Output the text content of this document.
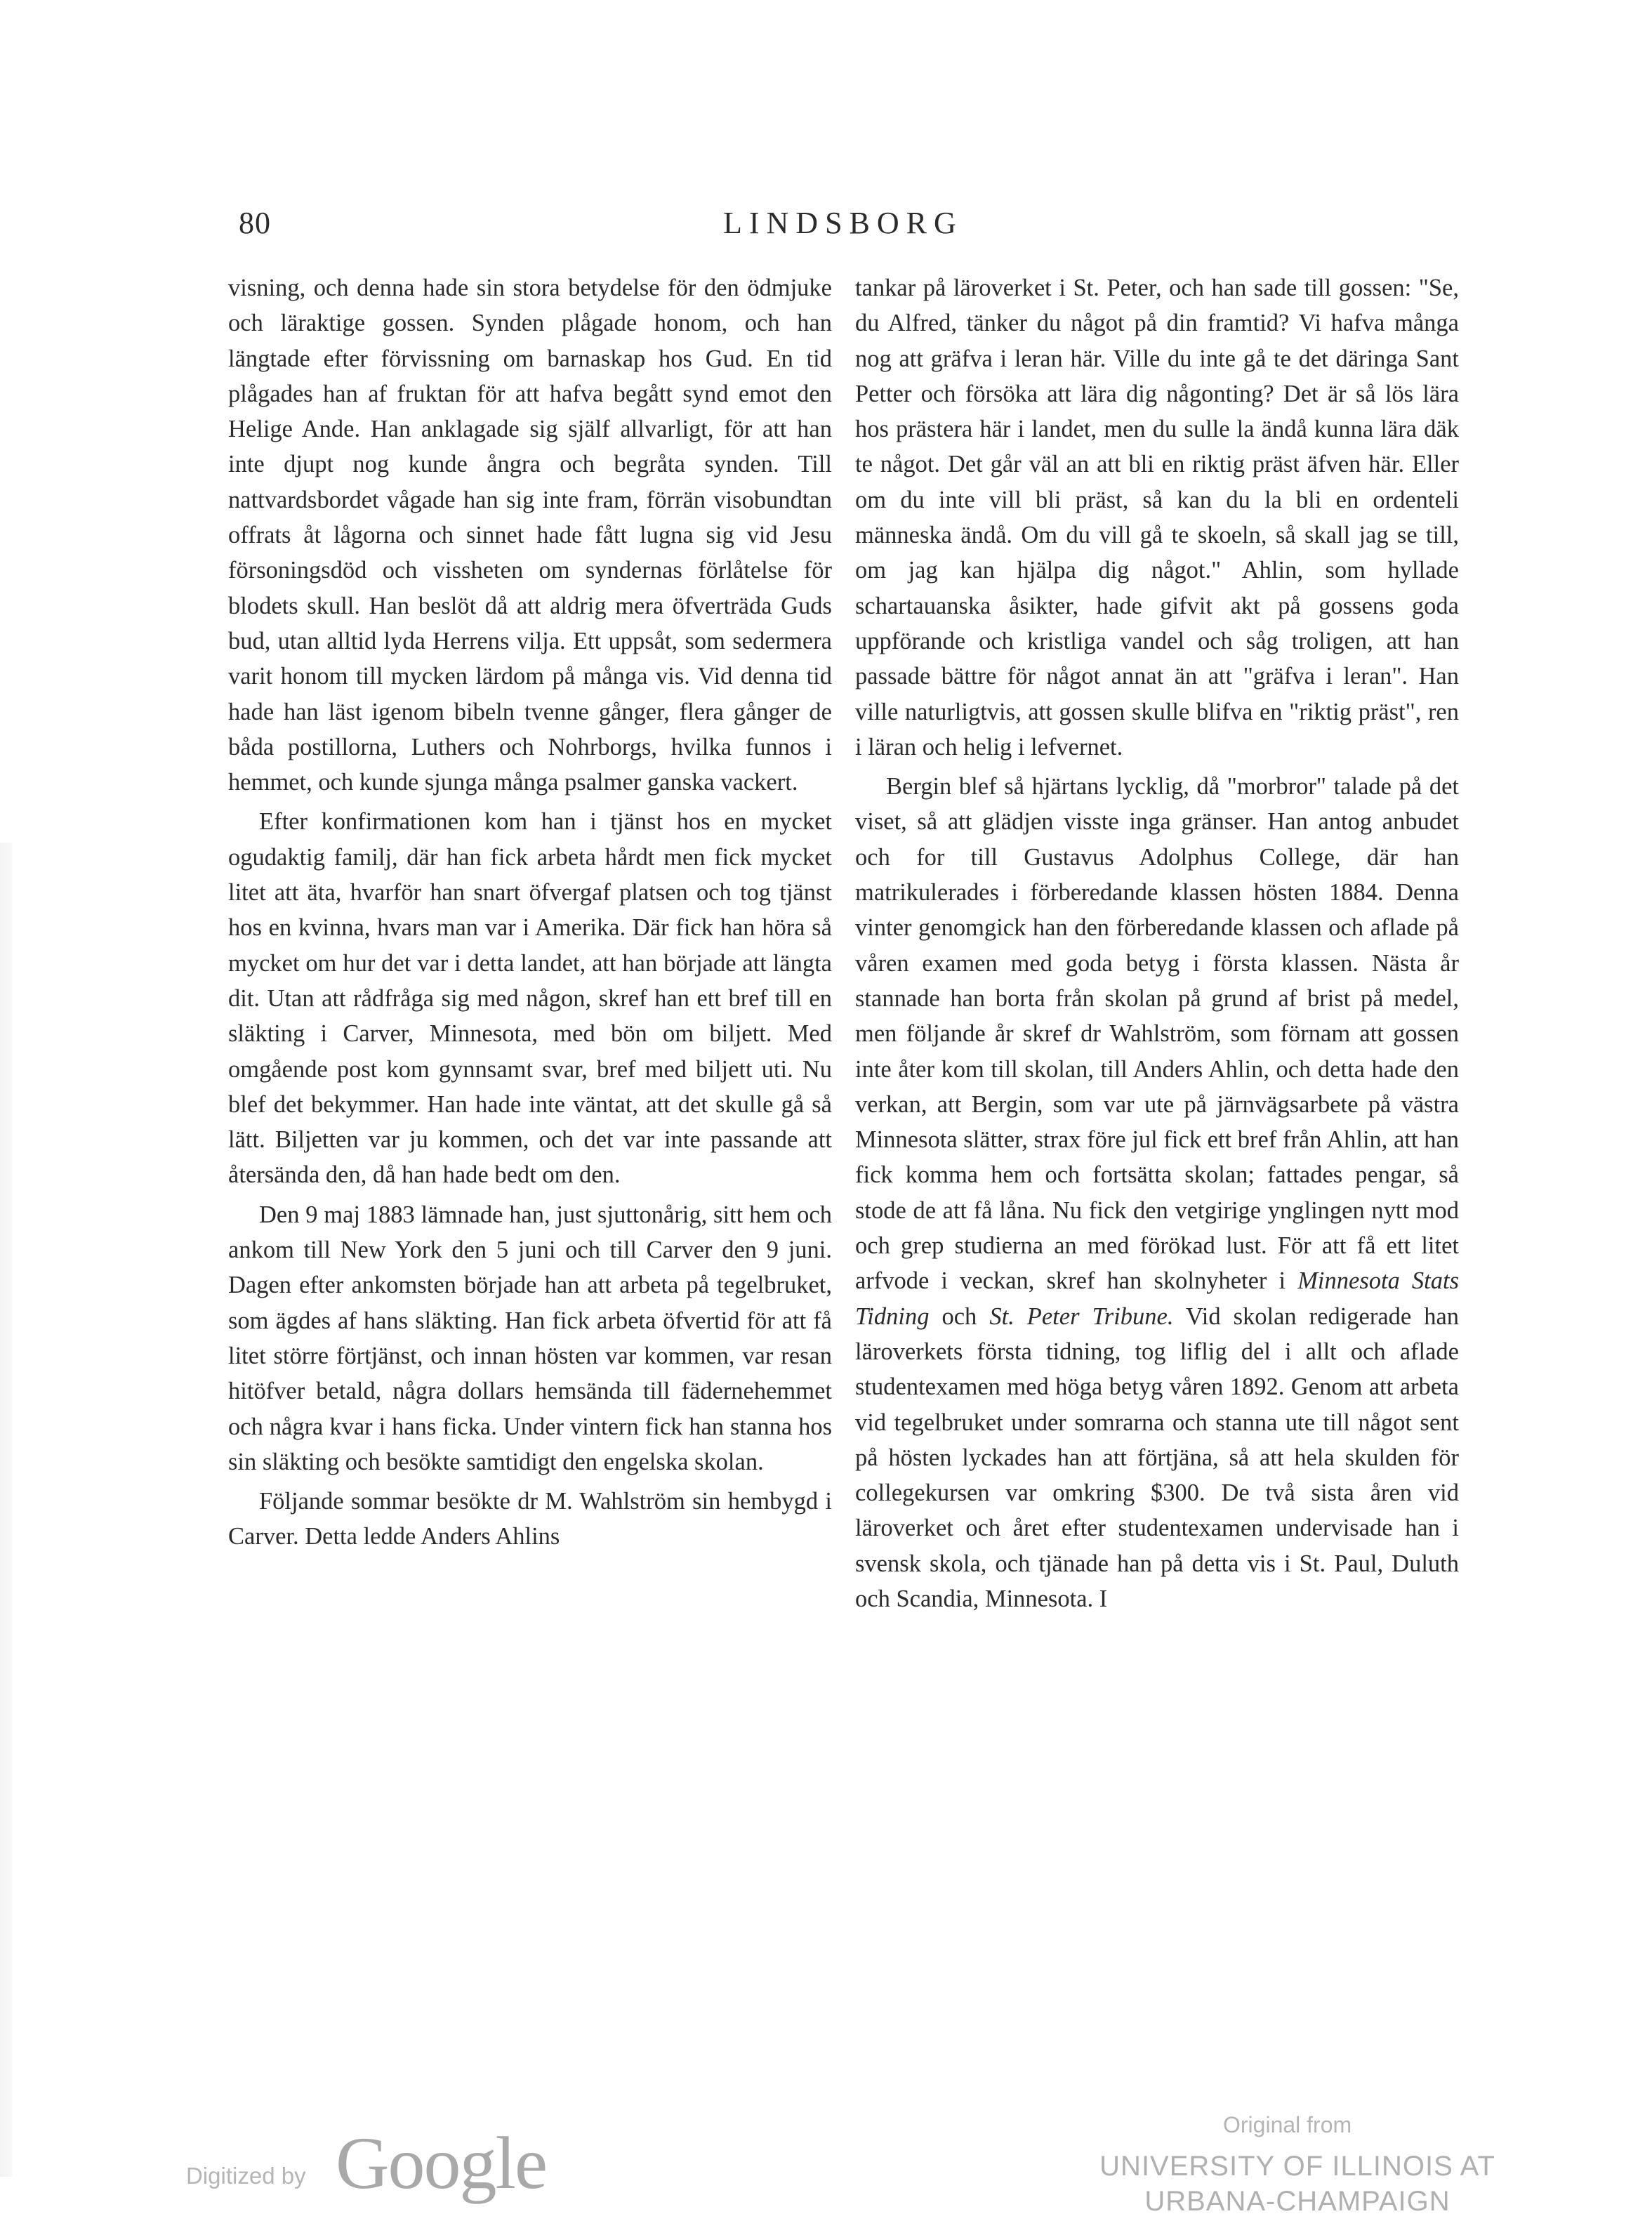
80	LINDSBORG

visning, och denna hade sin stora betydelse för den ödmjuke och läraktige gossen. Synden plågade honom, och han längtade efter förvissning om barnaskap hos Gud. En tid plågades han af fruktan för att hafva begått synd emot den Helige Ande. Han anklagade sig själf allvarligt, för att han inte djupt nog kunde ångra och begråta synden. Till nattvardsbordet vågade han sig inte fram, förrän visobundtan offrats åt lågorna och sinnet hade fått lugna sig vid Jesu försoningsdöd och vissheten om syndernas förlåtelse för blodets skull. Han beslöt då att aldrig mera öfverträda Guds bud, utan alltid lyda Herrens vilja. Ett uppsåt, som sedermera varit honom till mycken lärdom på många vis. Vid denna tid hade han läst igenom bibeln tvenne gånger, flera gånger de båda postillorna, Luthers och Nohrborgs, hvilka funnos i hemmet, och kunde sjunga många psalmer ganska vackert.

Efter konfirmationen kom han i tjänst hos en mycket ogudaktig familj, där han fick arbeta hårdt men fick mycket litet att äta, hvarför han snart öfvergaf platsen och tog tjänst hos en kvinna, hvars man var i Amerika. Där fick han höra så mycket om hur det var i detta landet, att han började att längta dit. Utan att rådfråga sig med någon, skref han ett bref till en släkting i Carver, Minnesota, med bön om biljett. Med omgående post kom gynnsamt svar, bref med biljett uti. Nu blef det bekymmer. Han hade inte väntat, att det skulle gå så lätt. Biljetten var ju kommen, och det var inte passande att återsända den, då han hade bedt om den.

Den 9 maj 1883 lämnade han, just sjuttonårig, sitt hem och ankom till New York den 5 juni och till Carver den 9 juni. Dagen efter ankomsten började han att arbeta på tegelbruket, som ägdes af hans släkting. Han fick arbeta öfvertid för att få litet större förtjänst, och innan hösten var kommen, var resan hitöfver betald, några dollars hemsända till fädernehemmet och några kvar i hans ficka. Under vintern fick han stanna hos sin släkting och besökte samtidigt den engelska skolan.

Följande sommar besökte dr M. Wahlström sin hembygd i Carver. Detta ledde Anders Ahlins

tankar på läroverket i St. Peter, och han sade till gossen: "Se, du Alfred, tänker du något på din framtid? Vi hafva många nog att gräfva i leran här. Ville du inte gå te det däringa Sant Petter och försöka att lära dig någonting? Det är så lös lära hos prästera här i landet, men du sulle la ändå kunna lära däk te något. Det går väl an att bli en riktig präst äfven här. Eller om du inte vill bli präst, så kan du la bli en ordenteli männeska ändå. Om du vill gå te skoeln, så skall jag se till, om jag kan hjälpa dig något." Ahlin, som hyllade schartauanska åsikter, hade gifvit akt på gossens goda uppförande och kristliga vandel och såg troligen, att han passade bättre för något annat än att "gräfva i leran". Han ville naturligtvis, att gossen skulle blifva en "riktig präst", ren i läran och helig i lefvernet.

Bergin blef så hjärtans lycklig, då "morbror" talade på det viset, så att glädjen visste inga gränser. Han antog anbudet och for till Gustavus Adolphus College, där han matrikulerades i förberedande klassen hösten 1884. Denna vinter genomgick han den förberedande klassen och aflade på våren examen med goda betyg i första klassen. Nästa år stannade han borta från skolan på grund af brist på medel, men följande år skref dr Wahlström, som förnam att gossen inte åter kom till skolan, till Anders Ahlin, och detta hade den verkan, att Bergin, som var ute på järnvägsarbete på västra Minnesota slätter, strax före jul fick ett bref från Ahlin, att han fick komma hem och fortsätta skolan; fattades pengar, så stode de att få låna. Nu fick den vetgirige ynglingen nytt mod och grep studierna an med förökad lust. För att få ett litet arfvode i veckan, skref han skolnyheter i Minnesota Stats Tidning och St. Peter Tribune. Vid skolan redigerade han läroverkets första tidning, tog liflig del i allt och aflade studentexamen med höga betyg våren 1892. Genom att arbeta vid tegelbruket under somrarna och stanna ute till något sent på hösten lyckades han att förtjäna, så att hela skulden för collegekursen var omkring $300. De två sista åren vid läroverket och året efter studentexamen undervisade han i svensk skola, och tjänade han på detta vis i St. Paul, Duluth och Scandia, Minnesota. I

Digitized by Google	Original from
UNIVERSITY OF ILLINOIS AT
URBANA-CHAMPAIGN
